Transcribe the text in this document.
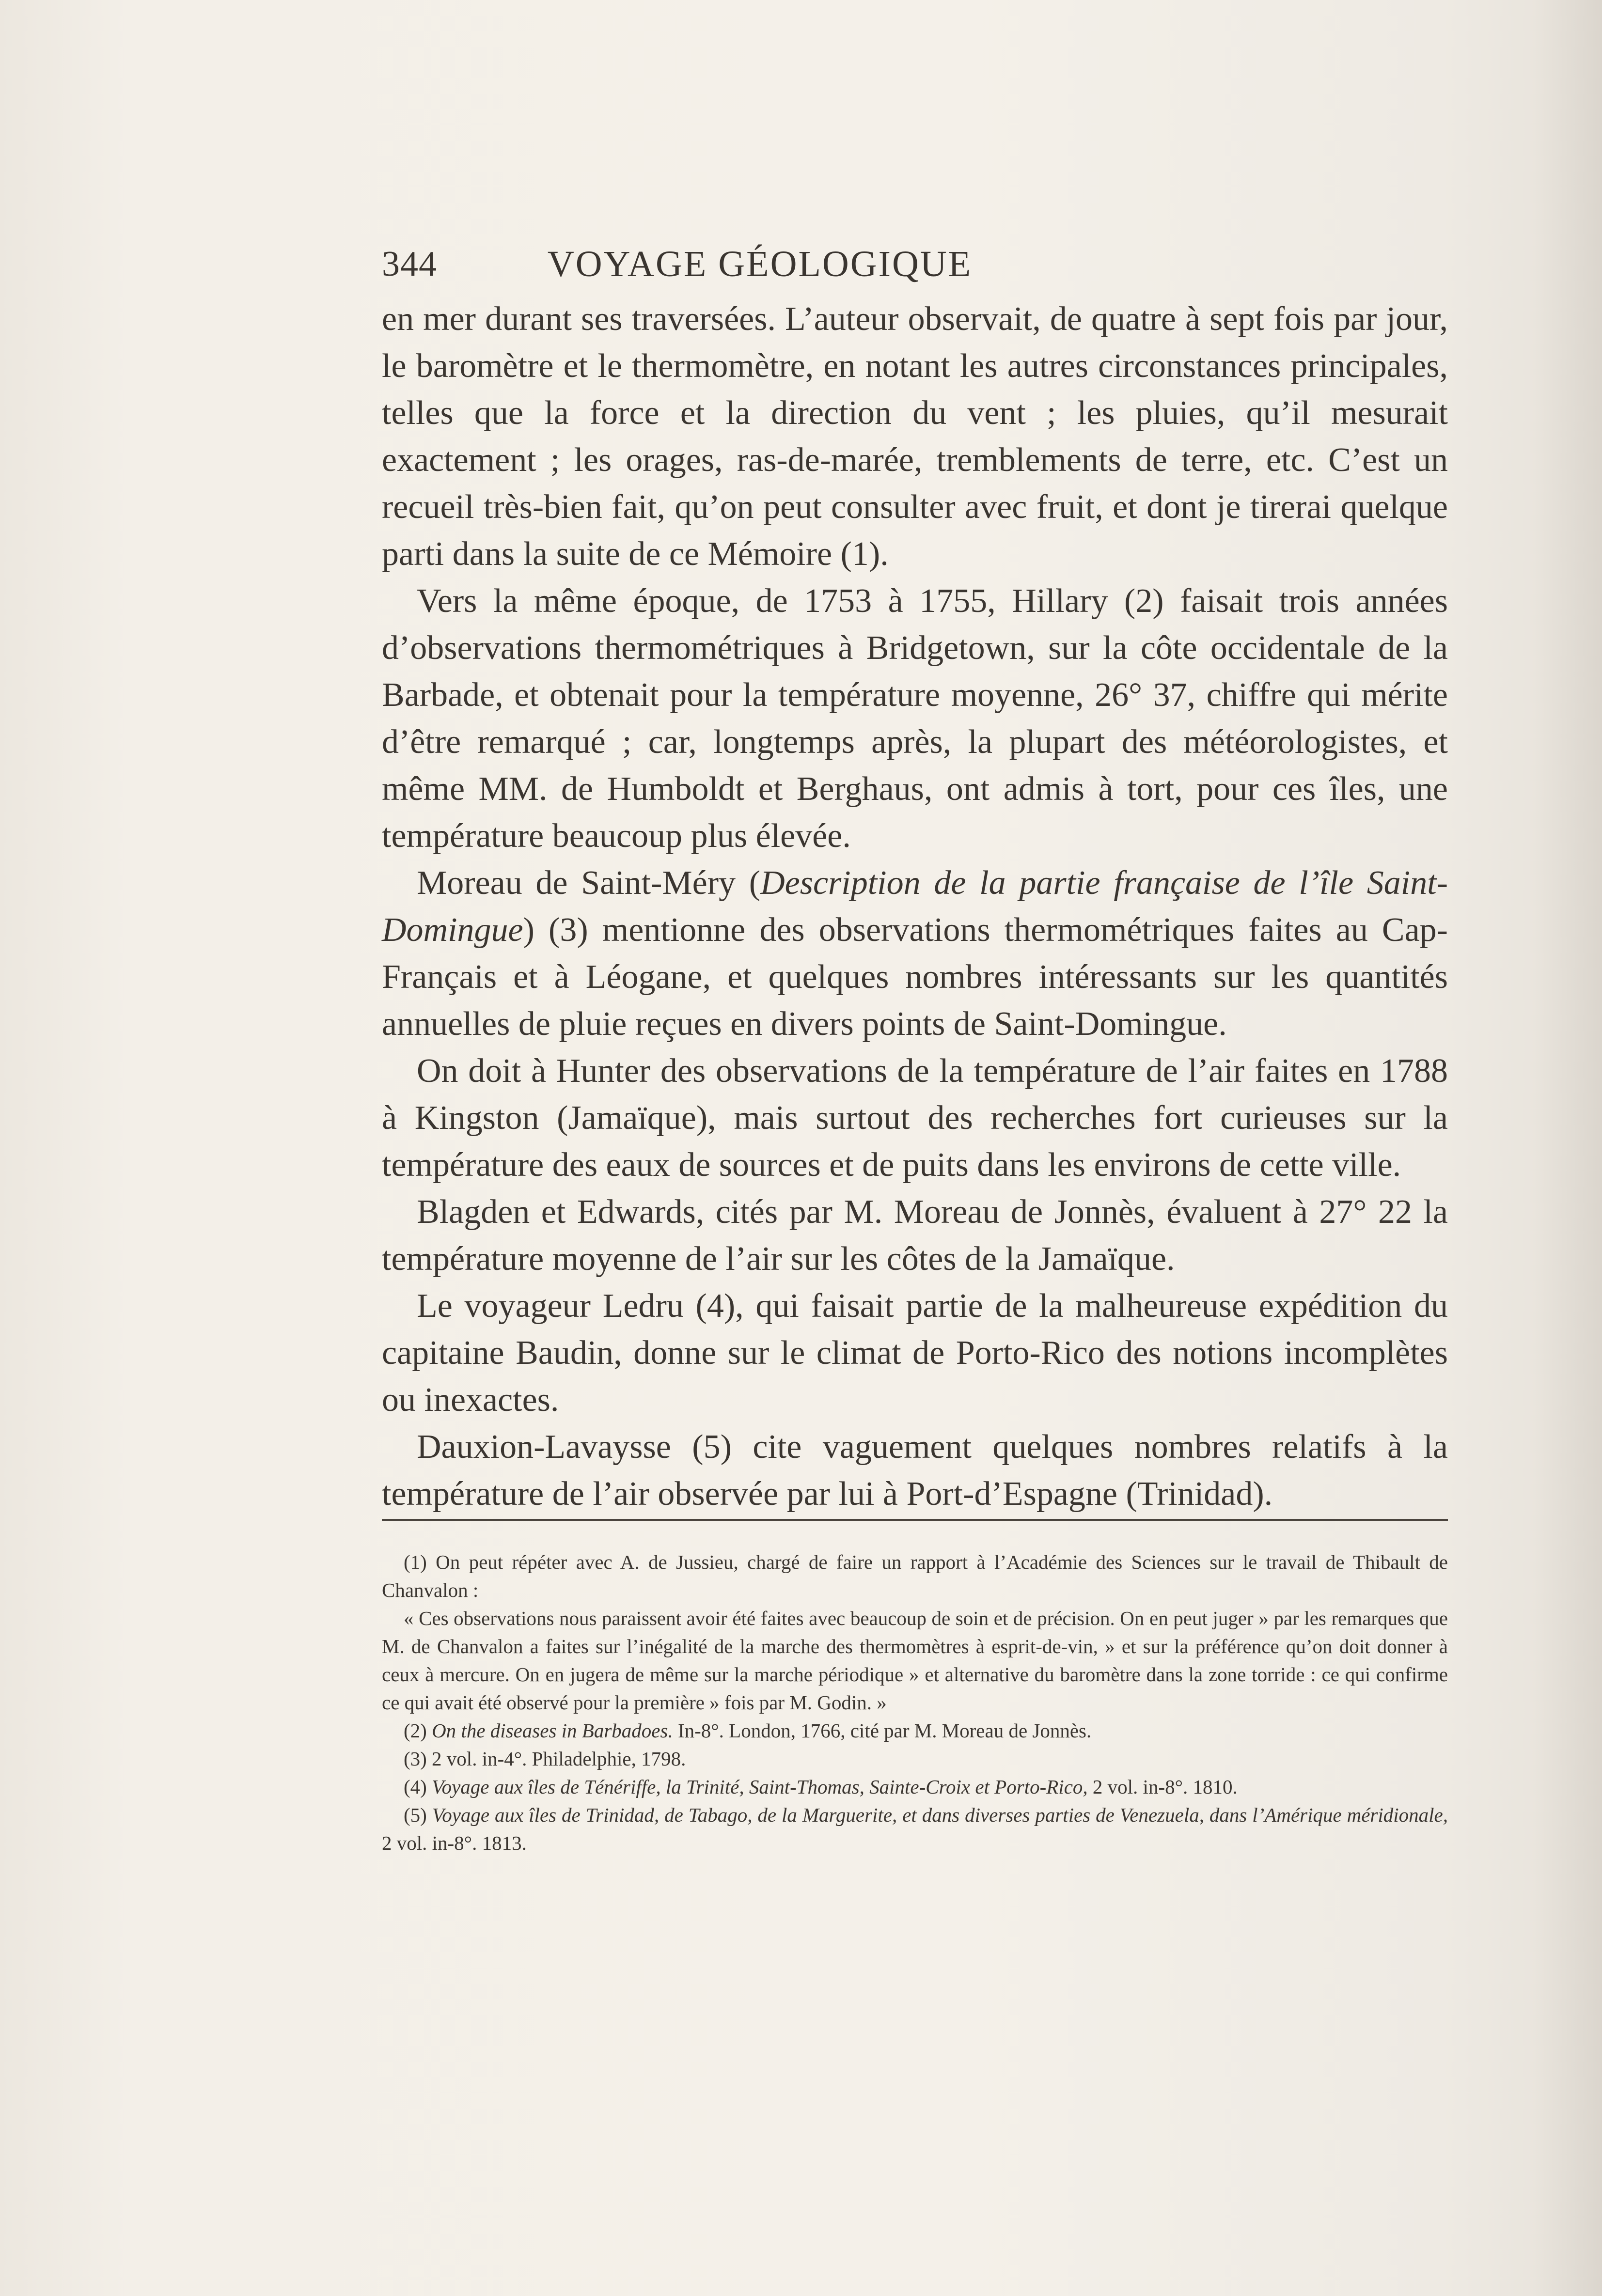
344	VOYAGE GÉOLOGIQUE

en mer durant ses traversées. L’auteur observait, de quatre à sept fois par jour, le baromètre et le thermomètre, en notant les autres circonstances principales, telles que la force et la direction du vent ; les pluies, qu’il mesurait exactement ; les orages, ras-de-marée, tremblements de terre, etc. C’est un recueil très-bien fait, qu’on peut consulter avec fruit, et dont je tirerai quelque parti dans la suite de ce Mémoire (1).

Vers la même époque, de 1753 à 1755, Hillary (2) faisait trois années d’observations thermométriques à Bridgetown, sur la côte occidentale de la Barbade, et obtenait pour la température moyenne, 26° 37, chiffre qui mérite d’être remarqué ; car, longtemps après, la plupart des météorologistes, et même MM. de Humboldt et Berghaus, ont admis à tort, pour ces îles, une température beaucoup plus élevée.

Moreau de Saint-Méry (Description de la partie française de l’île Saint-Domingue) (3) mentionne des observations thermométriques faites au Cap-Français et à Léogane, et quelques nombres intéressants sur les quantités annuelles de pluie reçues en divers points de Saint-Domingue.

On doit à Hunter des observations de la température de l’air faites en 1788 à Kingston (Jamaïque), mais surtout des recherches fort curieuses sur la température des eaux de sources et de puits dans les environs de cette ville.

Blagden et Edwards, cités par M. Moreau de Jonnès, évaluent à 27° 22 la température moyenne de l’air sur les côtes de la Jamaïque.

Le voyageur Ledru (4), qui faisait partie de la malheureuse expédition du capitaine Baudin, donne sur le climat de Porto-Rico des notions incomplètes ou inexactes.

Dauxion-Lavaysse (5) cite vaguement quelques nombres relatifs à la température de l’air observée par lui à Port-d’Espagne (Trinidad).

(1) On peut répéter avec A. de Jussieu, chargé de faire un rapport à l’Académie des Sciences sur le travail de Thibault de Chanvalon :

« Ces observations nous paraissent avoir été faites avec beaucoup de soin et de précision. On en peut juger » par les remarques que M. de Chanvalon a faites sur l’inégalité de la marche des thermomètres à esprit-de-vin, » et sur la préférence qu’on doit donner à ceux à mercure. On en jugera de même sur la marche périodique » et alternative du baromètre dans la zone torride : ce qui confirme ce qui avait été observé pour la première » fois par M. Godin. »

(2) On the diseases in Barbadoes. In-8°. London, 1766, cité par M. Moreau de Jonnès.

(3) 2 vol. in-4°. Philadelphie, 1798.

(4) Voyage aux îles de Ténériffe, la Trinité, Saint-Thomas, Sainte-Croix et Porto-Rico, 2 vol. in-8°. 1810.

(5) Voyage aux îles de Trinidad, de Tabago, de la Marguerite, et dans diverses parties de Venezuela, dans l’Amérique méridionale, 2 vol. in-8°. 1813.
